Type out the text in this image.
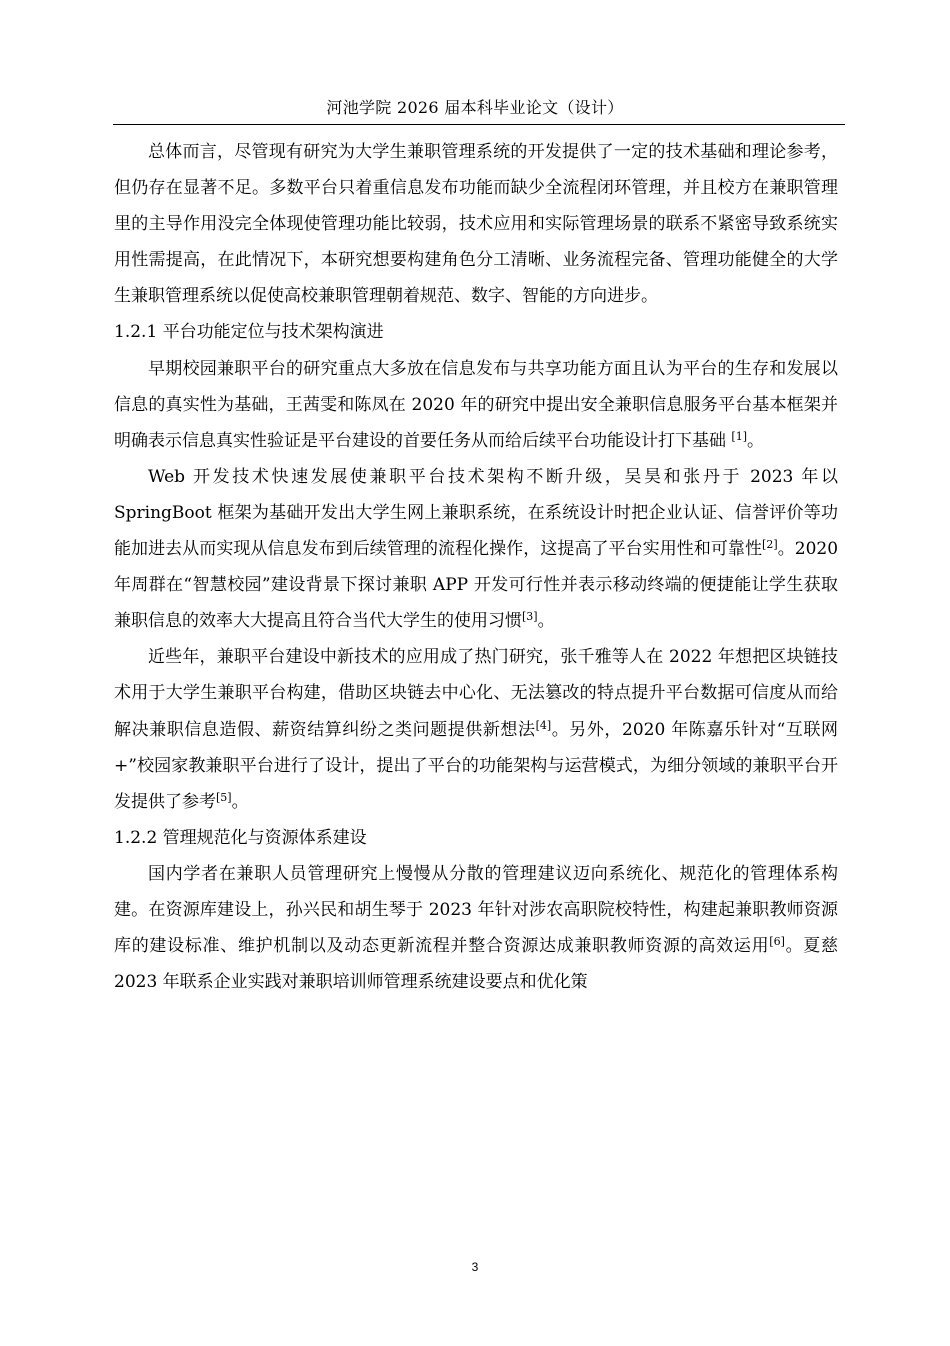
河池学院 2026 届本科毕业论文（设计）

总体而言，尽管现有研究为大学生兼职管理系统的开发提供了一定的技术基础和理论参考，但仍存在显著不足。多数平台只着重信息发布功能而缺少全流程闭环管理，并且校方在兼职管理里的主导作用没完全体现使管理功能比较弱，技术应用和实际管理场景的联系不紧密导致系统实用性需提高，在此情况下，本研究想要构建角色分工清晰、业务流程完备、管理功能健全的大学生兼职管理系统以促使高校兼职管理朝着规范、数字、智能的方向进步。

1.2.1 平台功能定位与技术架构演进

早期校园兼职平台的研究重点大多放在信息发布与共享功能方面且认为平台的生存和发展以信息的真实性为基础，王茜雯和陈凤在 2020 年的研究中提出安全兼职信息服务平台基本框架并明确表示信息真实性验证是平台建设的首要任务从而给后续平台功能设计打下基础 [1]。

Web 开发技术快速发展使兼职平台技术架构不断升级，吴昊和张丹于 2023 年以 SpringBoot 框架为基础开发出大学生网上兼职系统，在系统设计时把企业认证、信誉评价等功能加进去从而实现从信息发布到后续管理的流程化操作，这提高了平台实用性和可靠性[2]。2020 年周群在“智慧校园”建设背景下探讨兼职 APP 开发可行性并表示移动终端的便捷能让学生获取兼职信息的效率大大提高且符合当代大学生的使用习惯[3]。

近些年，兼职平台建设中新技术的应用成了热门研究，张千雅等人在 2022 年想把区块链技术用于大学生兼职平台构建，借助区块链去中心化、无法篡改的特点提升平台数据可信度从而给解决兼职信息造假、薪资结算纠纷之类问题提供新想法[4]。另外，2020 年陈嘉乐针对“互联网+”校园家教兼职平台进行了设计，提出了平台的功能架构与运营模式，为细分领域的兼职平台开发提供了参考[5]。

1.2.2 管理规范化与资源体系建设

国内学者在兼职人员管理研究上慢慢从分散的管理建议迈向系统化、规范化的管理体系构建。在资源库建设上，孙兴民和胡生琴于 2023 年针对涉农高职院校特性，构建起兼职教师资源库的建设标准、维护机制以及动态更新流程并整合资源达成兼职教师资源的高效运用[6]。夏慈 2023 年联系企业实践对兼职培训师管理系统建设要点和优化策

3
